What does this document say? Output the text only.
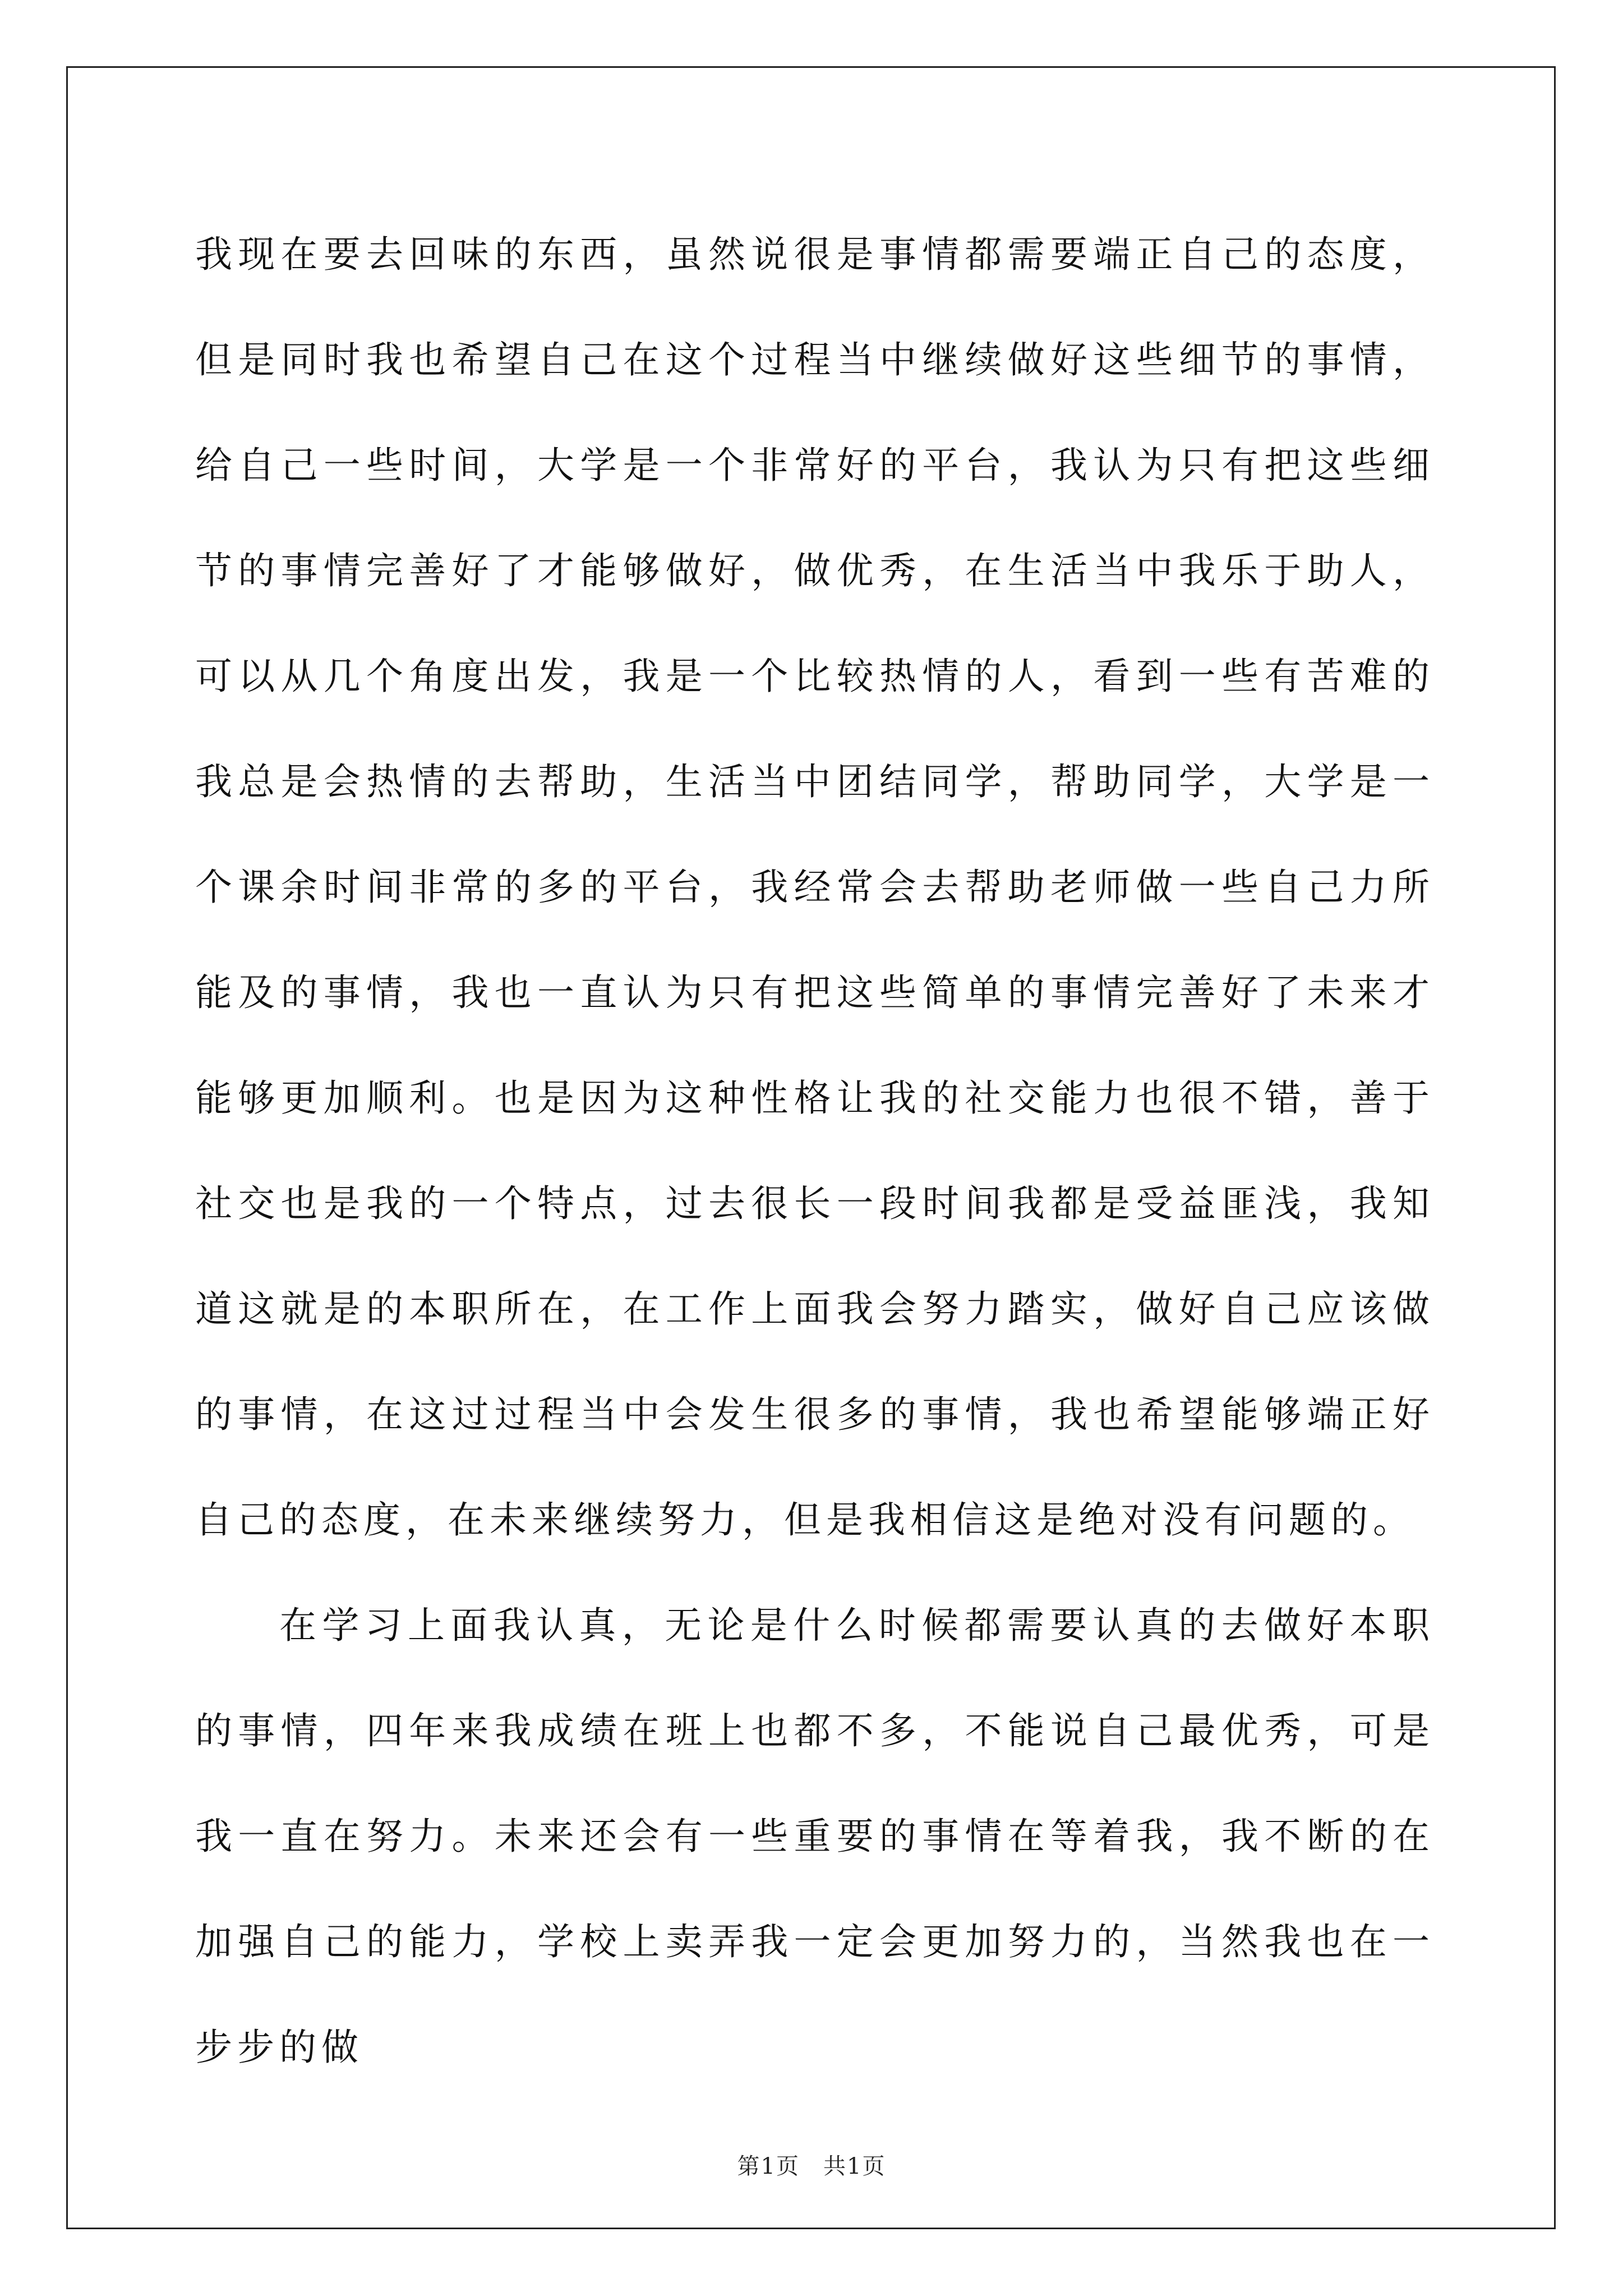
我现在要去回味的东西，虽然说很是事情都需要端正自己的态度，但是同时我也希望自己在这个过程当中继续做好这些细节的事情，给自己一些时间，大学是一个非常好的平台，我认为只有把这些细节的事情完善好了才能够做好，做优秀，在生活当中我乐于助人，可以从几个角度出发，我是一个比较热情的人，看到一些有苦难的我总是会热情的去帮助，生活当中团结同学，帮助同学，大学是一个课余时间非常的多的平台，我经常会去帮助老师做一些自己力所能及的事情，我也一直认为只有把这些简单的事情完善好了未来才能够更加顺利。也是因为这种性格让我的社交能力也很不错，善于社交也是我的一个特点，过去很长一段时间我都是受益匪浅，我知道这就是的本职所在，在工作上面我会努力踏实，做好自己应该做的事情，在这过过程当中会发生很多的事情，我也希望能够端正好自己的态度，在未来继续努力，但是我相信这是绝对没有问题的。

在学习上面我认真，无论是什么时候都需要认真的去做好本职的事情，四年来我成绩在班上也都不多，不能说自己最优秀，可是我一直在努力。未来还会有一些重要的事情在等着我，我不断的在加强自己的能力，学校上卖弄我一定会更加努力的，当然我也在一步步的做

第1页　共1页
